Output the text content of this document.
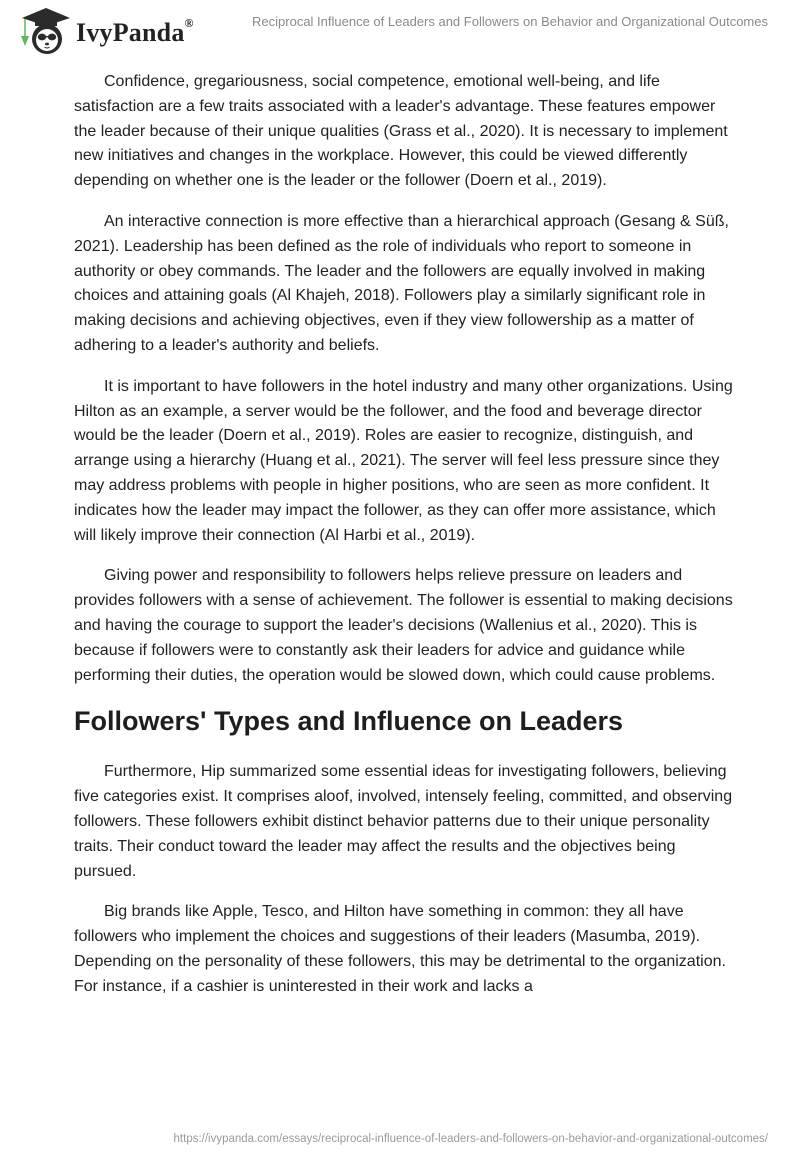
IvyPanda®	Reciprocal Influence of Leaders and Followers on Behavior and Organizational Outcomes

Confidence, gregariousness, social competence, emotional well-being, and life satisfaction are a few traits associated with a leader's advantage. These features empower the leader because of their unique qualities (Grass et al., 2020). It is necessary to implement new initiatives and changes in the workplace. However, this could be viewed differently depending on whether one is the leader or the follower (Doern et al., 2019).

An interactive connection is more effective than a hierarchical approach (Gesang & Süß, 2021). Leadership has been defined as the role of individuals who report to someone in authority or obey commands. The leader and the followers are equally involved in making choices and attaining goals (Al Khajeh, 2018). Followers play a similarly significant role in making decisions and achieving objectives, even if they view followership as a matter of adhering to a leader's authority and beliefs.

It is important to have followers in the hotel industry and many other organizations. Using Hilton as an example, a server would be the follower, and the food and beverage director would be the leader (Doern et al., 2019). Roles are easier to recognize, distinguish, and arrange using a hierarchy (Huang et al., 2021). The server will feel less pressure since they may address problems with people in higher positions, who are seen as more confident. It indicates how the leader may impact the follower, as they can offer more assistance, which will likely improve their connection (Al Harbi et al., 2019).

Giving power and responsibility to followers helps relieve pressure on leaders and provides followers with a sense of achievement. The follower is essential to making decisions and having the courage to support the leader's decisions (Wallenius et al., 2020). This is because if followers were to constantly ask their leaders for advice and guidance while performing their duties, the operation would be slowed down, which could cause problems.

Followers' Types and Influence on Leaders

Furthermore, Hip summarized some essential ideas for investigating followers, believing five categories exist. It comprises aloof, involved, intensely feeling, committed, and observing followers. These followers exhibit distinct behavior patterns due to their unique personality traits. Their conduct toward the leader may affect the results and the objectives being pursued.

Big brands like Apple, Tesco, and Hilton have something in common: they all have followers who implement the choices and suggestions of their leaders (Masumba, 2019). Depending on the personality of these followers, this may be detrimental to the organization. For instance, if a cashier is uninterested in their work and lacks a

https://ivypanda.com/essays/reciprocal-influence-of-leaders-and-followers-on-behavior-and-organizational-outcomes/
